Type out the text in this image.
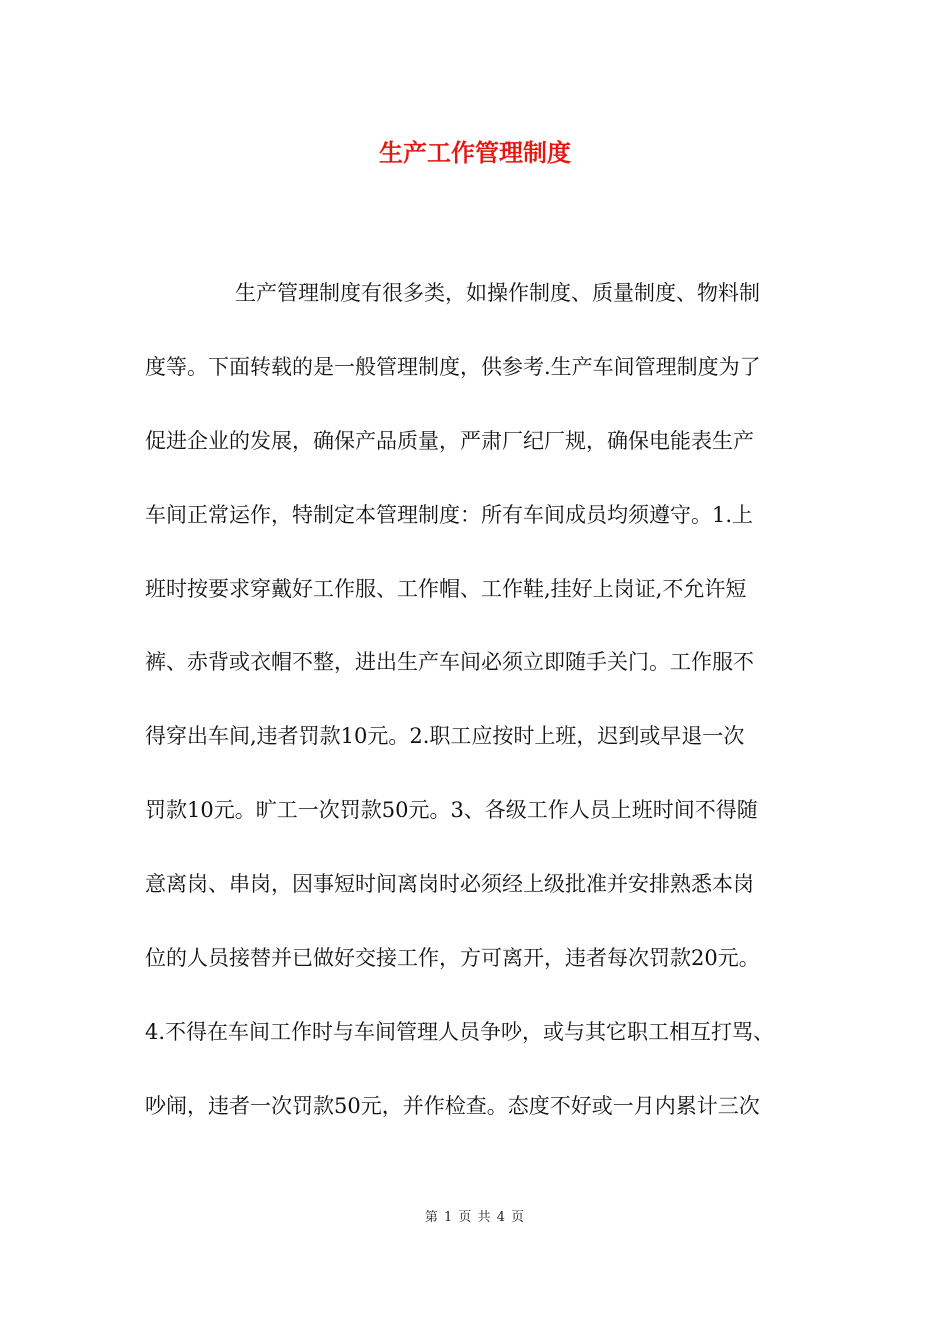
生产工作管理制度
生产管理制度有很多类，如操作制度、质量制度、物料制
度等。下面转载的是一般管理制度，供参考.生产车间管理制度为了
促进企业的发展，确保产品质量，严肃厂纪厂规，确保电能表生产
车间正常运作，特制定本管理制度：所有车间成员均须遵守。1.上
班时按要求穿戴好工作服、工作帽、工作鞋,挂好上岗证,不允许短
裤、赤背或衣帽不整，进出生产车间必须立即随手关门。工作服不
得穿出车间,违者罚款10元。2.职工应按时上班，迟到或早退一次
罚款10元。旷工一次罚款50元。3、各级工作人员上班时间不得随
意离岗、串岗，因事短时间离岗时必须经上级批准并安排熟悉本岗
位的人员接替并已做好交接工作，方可离开，违者每次罚款20元。
4.不得在车间工作时与车间管理人员争吵，或与其它职工相互打骂、
吵闹，违者一次罚款50元，并作检查。态度不好或一月内累计三次
第 1 页 共 4 页
